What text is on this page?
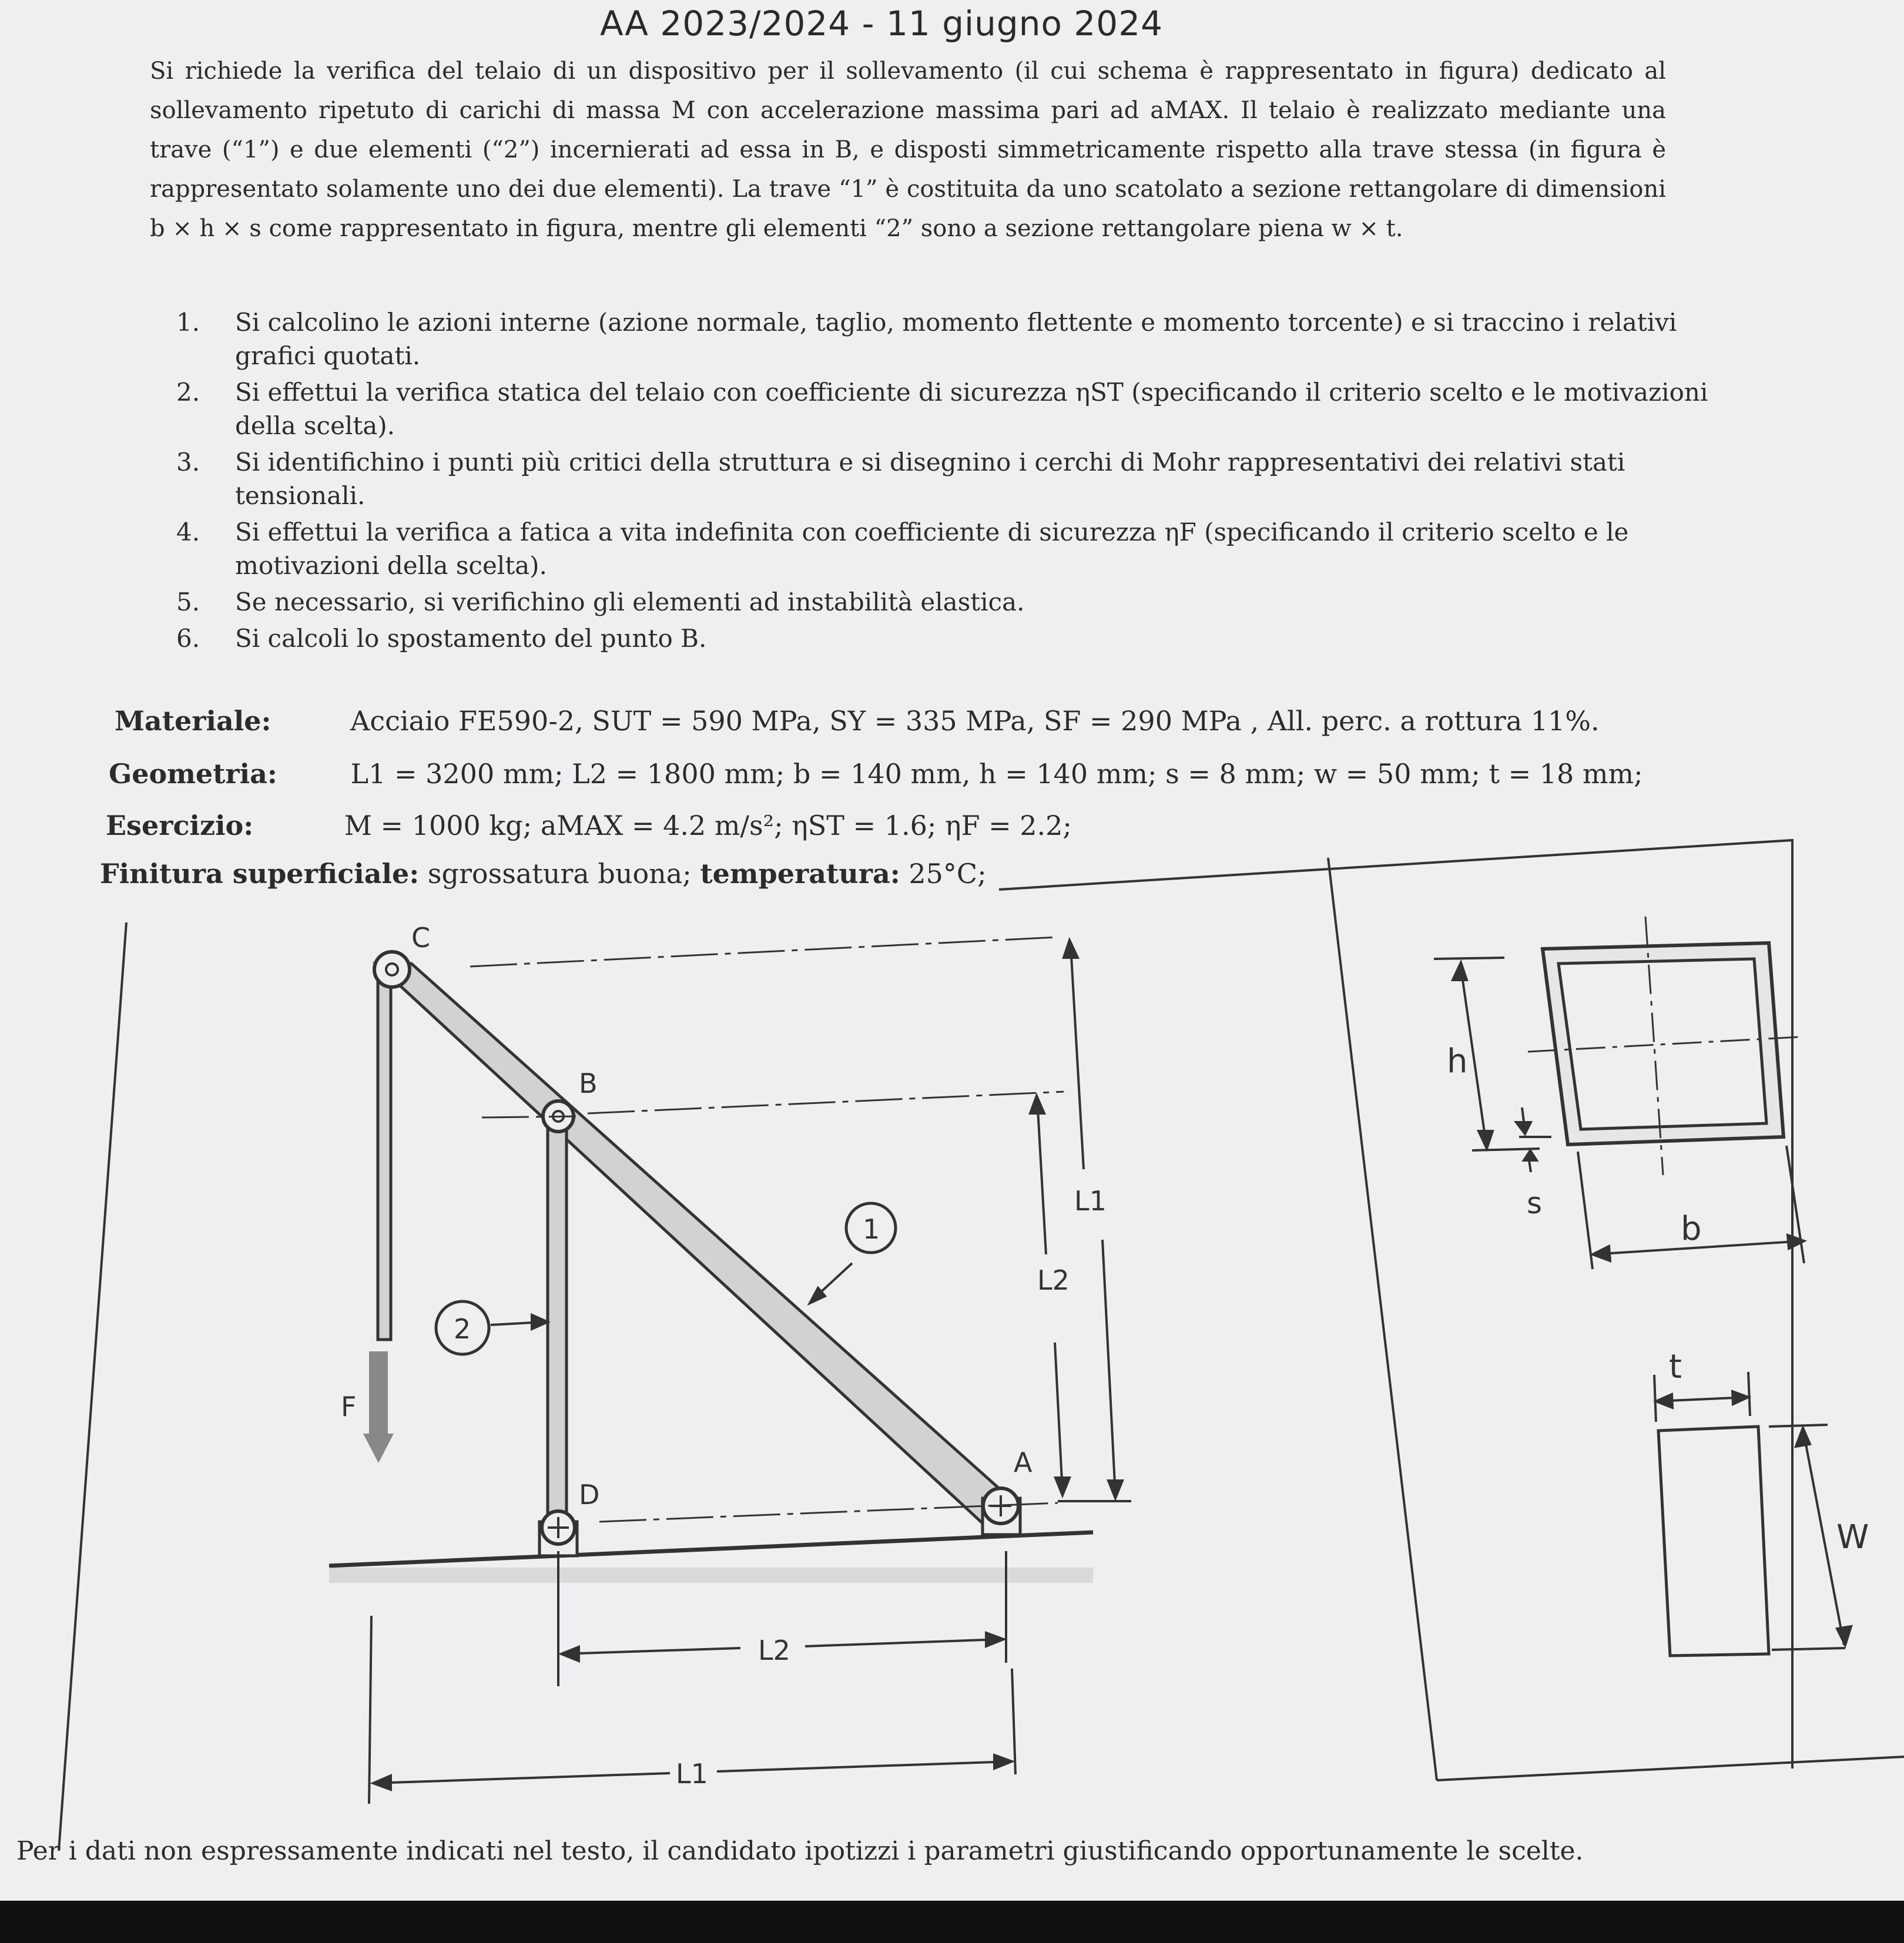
AA 2023/2024 - 11 giugno 2024
Si richiede la verifica del telaio di un dispositivo per il sollevamento (il cui schema è rappresentato in figura) dedicato al sollevamento ripetuto di carichi di massa M con accelerazione massima pari ad aMAX. Il telaio è realizzato mediante una trave (“1”) e due elementi (“2”) incernierati ad essa in B, e disposti simmetricamente rispetto alla trave stessa (in figura è rappresentato solamente uno dei due elementi). La trave “1” è costituita da uno scatolato a sezione rettangolare di dimensioni b × h × s come rappresentato in figura, mentre gli elementi “2” sono a sezione rettangolare piena w × t.
1.	Si calcolino le azioni interne (azione normale, taglio, momento flettente e momento torcente) e si traccino i relativi grafici quotati.
2.	Si effettui la verifica statica del telaio con coefficiente di sicurezza ηST (specificando il criterio scelto e le motivazioni della scelta).
3.	Si identifichino i punti più critici della struttura e si disegnino i cerchi di Mohr rappresentativi dei relativi stati tensionali.
4.	Si effettui la verifica a fatica a vita indefinita con coefficiente di sicurezza ηF (specificando il criterio scelto e le motivazioni della scelta).
5.	Se necessario, si verifichino gli elementi ad instabilità elastica.
6.	Si calcoli lo spostamento del punto B.
Materiale:	Acciaio FE590-2, SUT = 590 MPa, SY = 335 MPa, SF = 290 MPa , All. perc. a rottura 11%.
Geometria:	L1 = 3200 mm; L2 = 1800 mm; b = 140 mm, h = 140 mm; s = 8 mm; w = 50 mm; t = 18 mm;
Esercizio:	M = 1000 kg; aMAX = 4.2 m/s²; ηST = 1.6; ηF = 2.2;
Finitura superficiale: sgrossatura buona; temperatura: 25°C;
C
B
D
A
F
1
2
L1
L2
L2
L1
h
s
b
t
W
Per i dati non espressamente indicati nel testo, il candidato ipotizzi i parametri giustificando opportunamente le scelte.
